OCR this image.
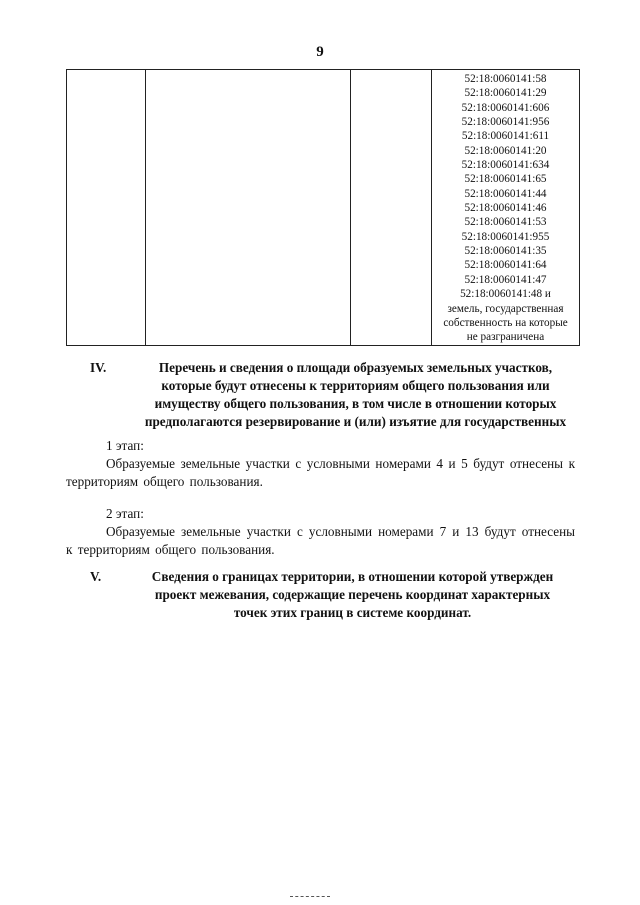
9

52:18:0060141:58
52:18:0060141:29
52:18:0060141:606
52:18:0060141:956
52:18:0060141:611
52:18:0060141:20
52:18:0060141:634
52:18:0060141:65
52:18:0060141:44
52:18:0060141:46
52:18:0060141:53
52:18:0060141:955
52:18:0060141:35
52:18:0060141:64
52:18:0060141:47
52:18:0060141:48 и
земель, государственная
собственность на которые
не разграничена
IV.	Перечень и сведения о площади образуемых земельных участков,
которые будут отнесены к территориям общего пользования или
имуществу общего пользования, в том числе в отношении которых
предполагаются резервирование и (или) изъятие для государственных
1 этап:
Образуемые земельные участки с условными номерами 4 и 5 будут отнесены к территориям общего пользования.
2 этап:
Образуемые земельные участки с условными номерами 7 и 13 будут отнесены к территориям общего пользования.
V.	Сведения о границах территории, в отношении которой утвержден
проект межевания, содержащие перечень координат характерных
точек этих границ в системе координат.
